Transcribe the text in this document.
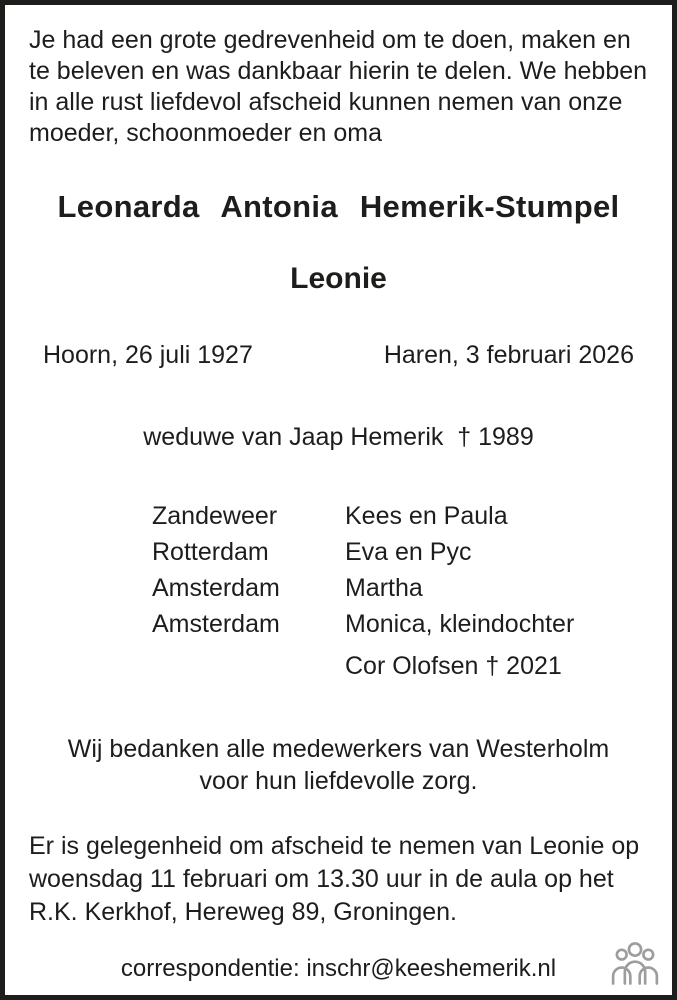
Je had een grote gedrevenheid om te doen, maken en
te beleven en was dankbaar hierin te delen. We hebben
in alle rust liefdevol afscheid kunnen nemen van onze
moeder, schoonmoeder en oma
Leonarda Antonia Hemerik-Stumpel
Leonie
Hoorn, 26 juli 1927	Haren, 3 februari 2026
weduwe van Jaap Hemerik  † 1989
Zandeweer	Kees en Paula
Rotterdam	Eva en Pyc
Amsterdam	Martha
Amsterdam	Monica, kleindochter
Cor Olofsen † 2021
Wij bedanken alle medewerkers van Westerholm
voor hun liefdevolle zorg.
Er is gelegenheid om afscheid te nemen van Leonie op
woensdag 11 februari om 13.30 uur in de aula op het
R.K. Kerkhof, Hereweg 89, Groningen.
correspondentie: inschr@keeshemerik.nl
